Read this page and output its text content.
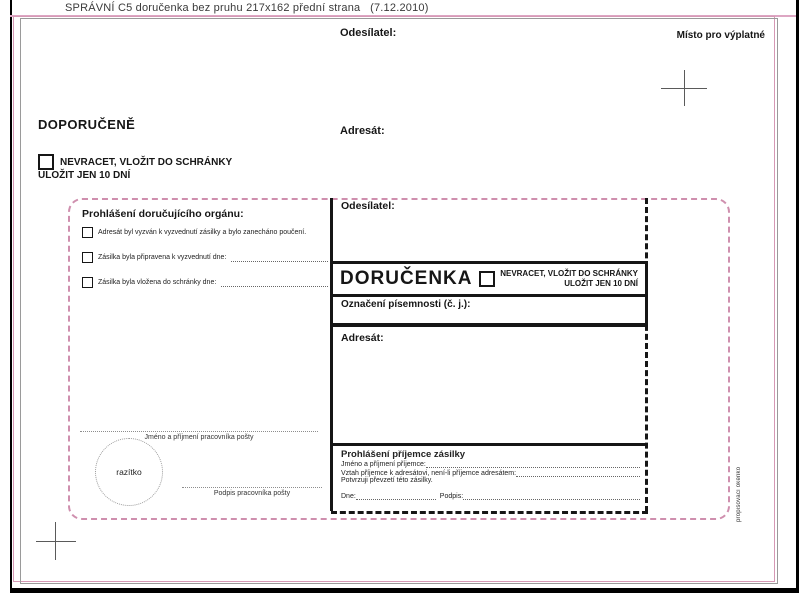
SPRÁVNÍ C5 doručenka bez pruhu 217x162 přední strana   (7.12.2010)
Odesílatel:	Místo pro výplatné
DOPORUČENĚ	Adresát:
NEVRACET, VLOŽIT DO SCHRÁNKY
ULOŽIT JEN 10 DNÍ
propisovací okénko
Prohlášení doručujícího orgánu:
Adresát byl vyzván k vyzvednutí zásilky a bylo zanecháno poučení.
Zásilka byla připravena k vyzvednutí dne:
Zásilka byla vložena do schránky dne:
Jméno a příjmení pracovníka pošty
razítko
Podpis pracovníka pošty
Odesílatel:
DORUČENKA	NEVRACET, VLOŽIT DO SCHRÁNKY
ULOŽIT JEN 10 DNÍ
Označení písemnosti (č. j.):
Adresát:
Prohlášení příjemce zásilky
Jméno a příjmení příjemce:
Vztah příjemce k adresátovi, není-li příjemce adresátem:
Potvrzuji převzetí této zásilky.
Dne:	Podpis:
